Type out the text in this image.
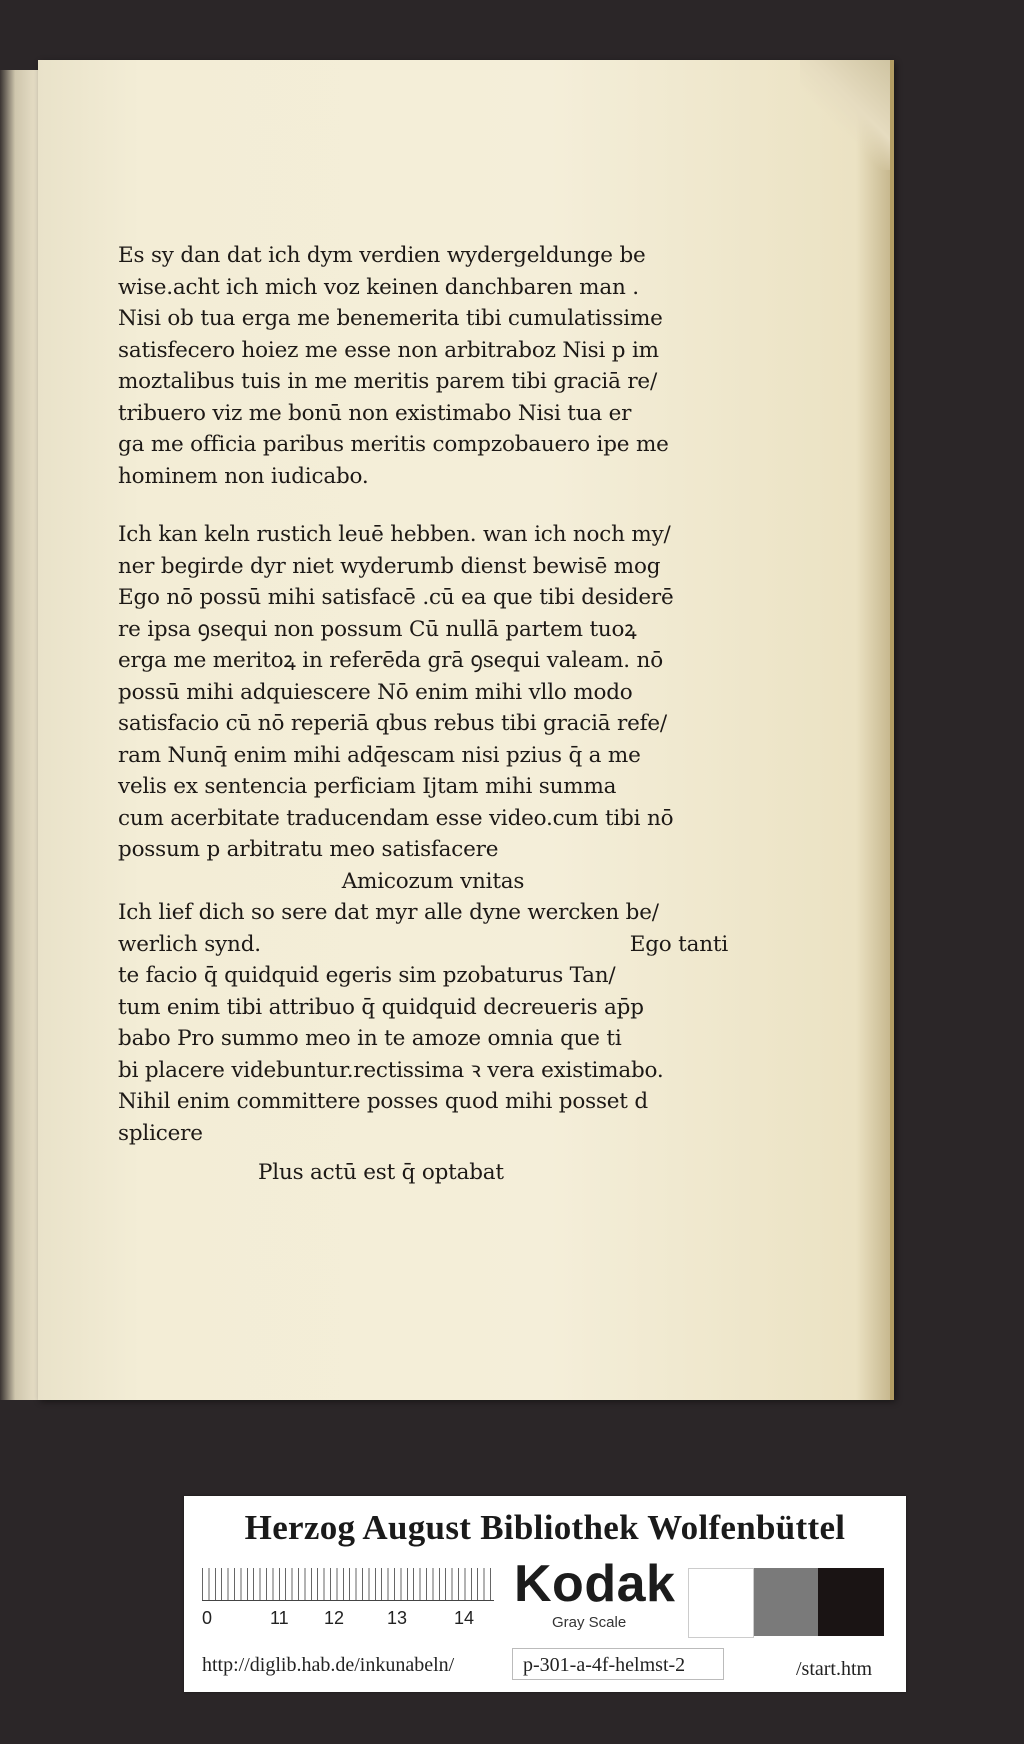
Es sy dan dat ich dym verdien wydergeldunge be
wise.acht ich mich voz keinen danchbaren man .
Nisi ob tua erga me benemerita tibi cumulatissime
satisfecero hoiez me esse non arbitraboz Nisi p im
moztalibus tuis in me meritis parem tibi graciā re/
tribuero viz me bonū non existimabo Nisi tua er
ga me officia paribus meritis compzobauero ipe me
hominem non iudicabo.

Ich kan keln rustich leuē hebben. wan ich noch my/
ner begirde dyr niet wyderumb dienst bewisē mog
Ego nō possū mihi satisfacē .cū ea que tibi desiderē
re ipsa ꝯsequi non possum Cū nullā partem tuoꝝ
erga me meritoꝝ in referēda grā ꝯsequi valeam. nō
possū mihi adquiescere Nō enim mihi vllo modo
satisfacio cū nō reperiā qbus rebus tibi graciā refe/
ram Nunq̄ enim mihi adq̄escam nisi pzius q̄ a me
velis ex sentencia perficiam Ijtam mihi summa
cum acerbitate traducendam esse video.cum tibi nō
possum p arbitratu meo satisfacere
Amicozum vnitas
Ich lief dich so sere dat myr alle dyne wercken be/
werlich synd.	Ego tanti
te facio q̄ quidquid egeris sim pzobaturus Tan/
tum enim tibi attribuo q̄ quidquid decreueris ap̄p
babo Pro summo meo in te amoze omnia que ti
bi placere videbuntur.rectissima ꝛ vera existimabo.
Nihil enim committere posses quod mihi posset d
splicere
Plus actū est q̄ optabat

Herzog August Bibliothek Wolfenbüttel
0	11 12 13	14
Kodak
Gray Scale
http://diglib.hab.de/inkunabeln/	p-301-a-4f-helmst-2	/start.htm
